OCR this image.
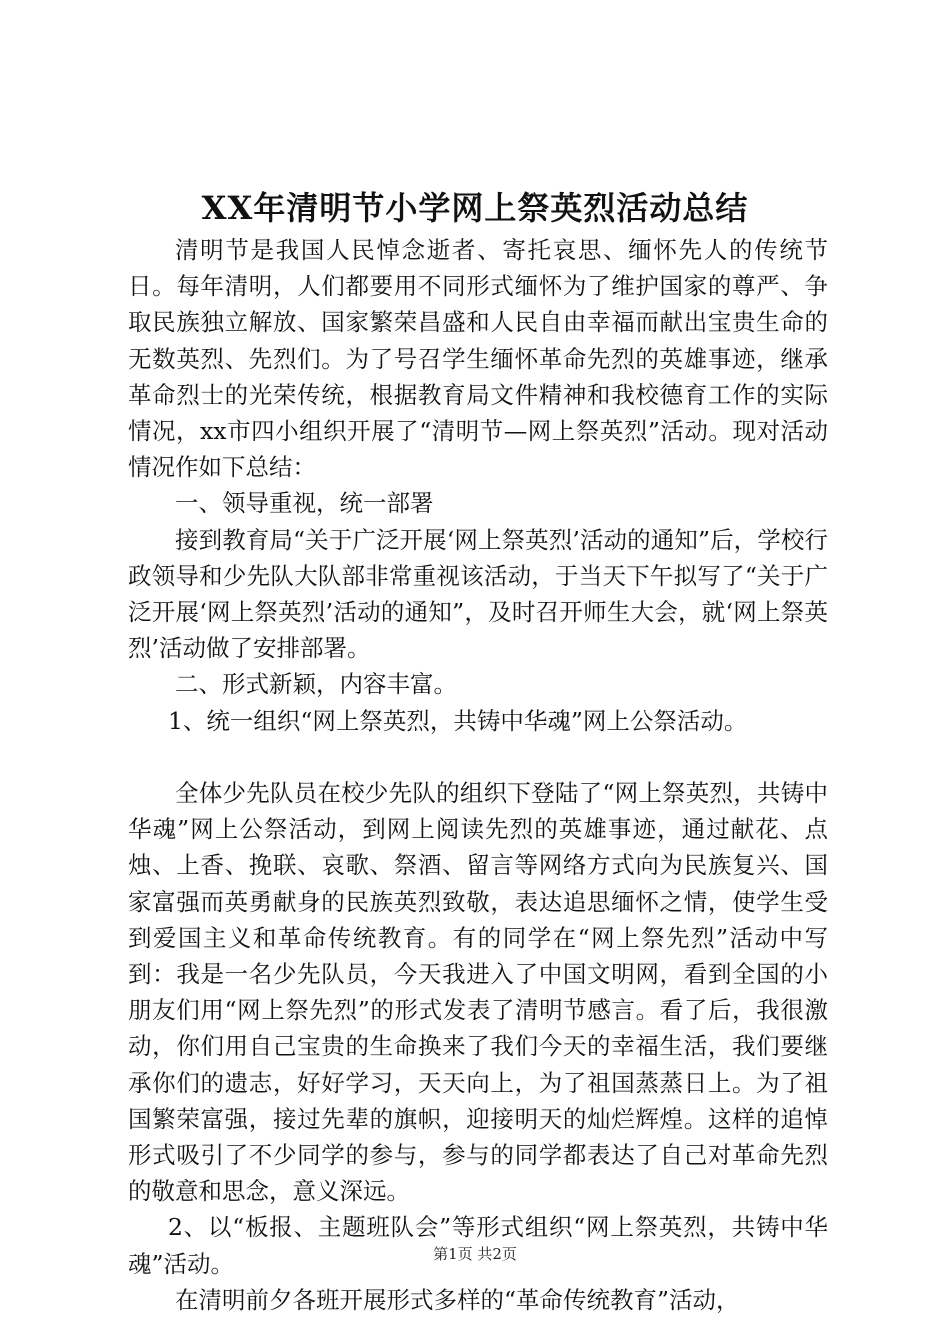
XX年清明节小学网上祭英烈活动总结

清明节是我国人民悼念逝者、寄托哀思、缅怀先人的传统节日。每年清明，人们都要用不同形式缅怀为了维护国家的尊严、争取民族独立解放、国家繁荣昌盛和人民自由幸福而献出宝贵生命的无数英烈、先烈们。为了号召学生缅怀革命先烈的英雄事迹，继承革命烈士的光荣传统，根据教育局文件精神和我校德育工作的实际情况，xx市四小组织开展了“清明节—网上祭英烈”活动。现对活动情况作如下总结：

一、领导重视，统一部署

接到教育局“关于广泛开展‘网上祭英烈’活动的通知”后，学校行政领导和少先队大队部非常重视该活动，于当天下午拟写了“关于广泛开展‘网上祭英烈’活动的通知”，及时召开师生大会，就‘网上祭英烈’活动做了安排部署。

二、形式新颖，内容丰富。

1、统一组织“网上祭英烈，共铸中华魂”网上公祭活动。

全体少先队员在校少先队的组织下登陆了“网上祭英烈，共铸中华魂”网上公祭活动，到网上阅读先烈的英雄事迹，通过献花、点烛、上香、挽联、哀歌、祭酒、留言等网络方式向为民族复兴、国家富强而英勇献身的民族英烈致敬，表达追思缅怀之情，使学生受到爱国主义和革命传统教育。有的同学在“网上祭先烈”活动中写到：我是一名少先队员，今天我进入了中国文明网，看到全国的小朋友们用“网上祭先烈”的形式发表了清明节感言。看了后，我很激动，你们用自己宝贵的生命换来了我们今天的幸福生活，我们要继承你们的遗志，好好学习，天天向上，为了祖国蒸蒸日上。为了祖国繁荣富强，接过先辈的旗帜，迎接明天的灿烂辉煌。这样的追悼形式吸引了不少同学的参与，参与的同学都表达了自己对革命先烈的敬意和思念，意义深远。

2、以“板报、主题班队会”等形式组织“网上祭英烈，共铸中华魂”活动。

在清明前夕各班开展形式多样的“革命传统教育”活动，

第1页 共2页
